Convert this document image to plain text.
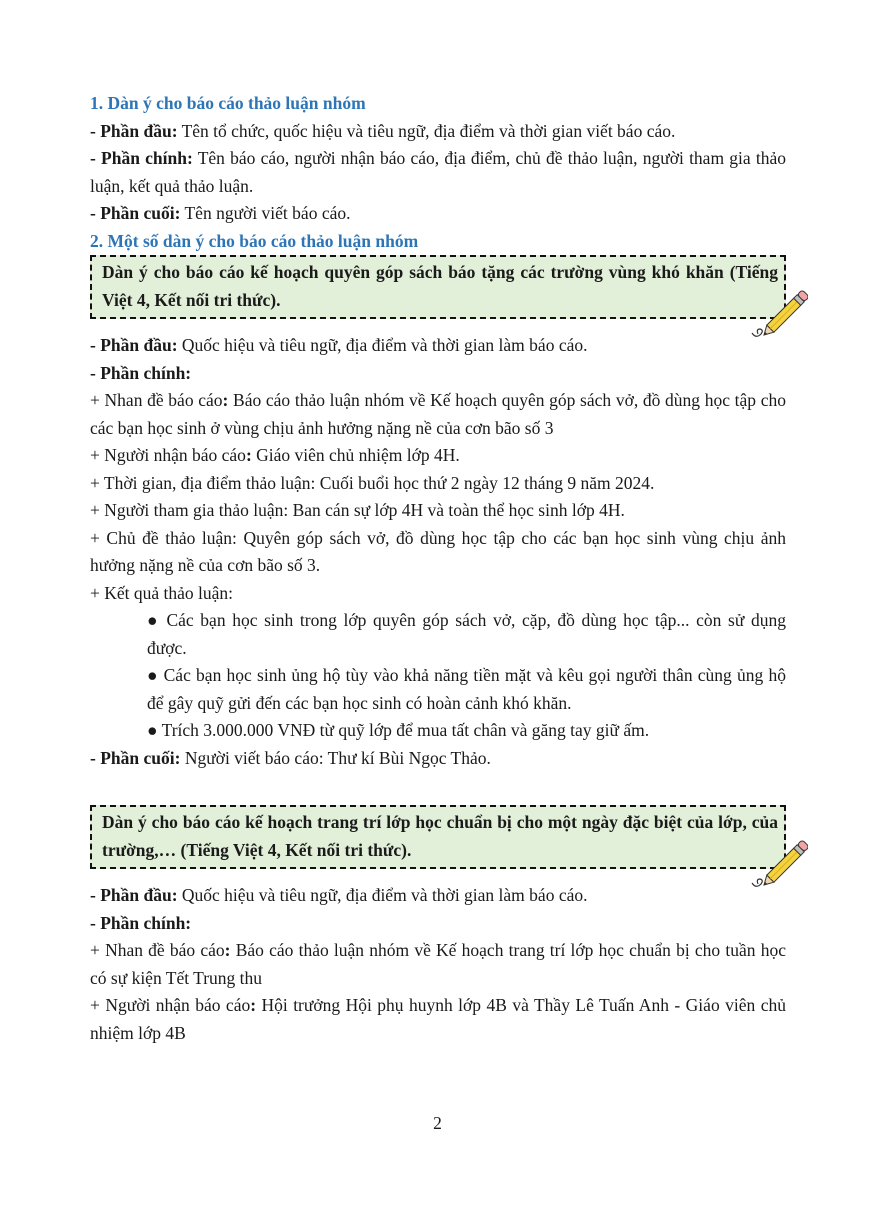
1. Dàn ý cho báo cáo thảo luận nhóm

- Phần đầu: Tên tổ chức, quốc hiệu và tiêu ngữ, địa điểm và thời gian viết báo cáo.

- Phần chính: Tên báo cáo, người nhận báo cáo, địa điểm, chủ đề thảo luận, người tham gia thảo luận, kết quả thảo luận.

- Phần cuối: Tên người viết báo cáo.

2. Một số dàn ý cho báo cáo thảo luận nhóm

Dàn ý cho báo cáo kế hoạch quyên góp sách báo tặng các trường vùng khó khăn (Tiếng Việt 4, Kết nối tri thức).

- Phần đầu: Quốc hiệu và tiêu ngữ, địa điểm và thời gian làm báo cáo.

- Phần chính:

+ Nhan đề báo cáo: Báo cáo thảo luận nhóm về Kế hoạch quyên góp sách vở, đồ dùng học tập cho các bạn học sinh ở vùng chịu ảnh hưởng nặng nề của cơn bão số 3

+ Người nhận báo cáo: Giáo viên chủ nhiệm lớp 4H.

+ Thời gian, địa điểm thảo luận: Cuối buổi học thứ 2 ngày 12 tháng 9 năm 2024.

+ Người tham gia thảo luận: Ban cán sự lớp 4H và toàn thể học sinh lớp 4H.

+ Chủ đề thảo luận: Quyên góp sách vở, đồ dùng học tập cho các bạn học sinh vùng chịu ảnh hưởng nặng nề của cơn bão số 3.

+ Kết quả thảo luận:

● Các bạn học sinh trong lớp quyên góp sách vở, cặp, đồ dùng học tập... còn sử dụng được.

● Các bạn học sinh ủng hộ tùy vào khả năng tiền mặt và kêu gọi người thân cùng ủng hộ để gây quỹ gửi đến các bạn học sinh có hoàn cảnh khó khăn.

● Trích 3.000.000 VNĐ từ quỹ lớp để mua tất chân và găng tay giữ ấm.

- Phần cuối: Người viết báo cáo: Thư kí Bùi Ngọc Thảo.

Dàn ý cho báo cáo kế hoạch trang trí lớp học chuẩn bị cho một ngày đặc biệt của lớp, của trường,… (Tiếng Việt 4, Kết nối tri thức).

- Phần đầu: Quốc hiệu và tiêu ngữ, địa điểm và thời gian làm báo cáo.

- Phần chính:

+ Nhan đề báo cáo: Báo cáo thảo luận nhóm về Kế hoạch trang trí lớp học chuẩn bị cho tuần học có sự kiện Tết Trung thu

+ Người nhận báo cáo: Hội trưởng Hội phụ huynh lớp 4B và Thầy Lê Tuấn Anh - Giáo viên chủ nhiệm lớp 4B

2
